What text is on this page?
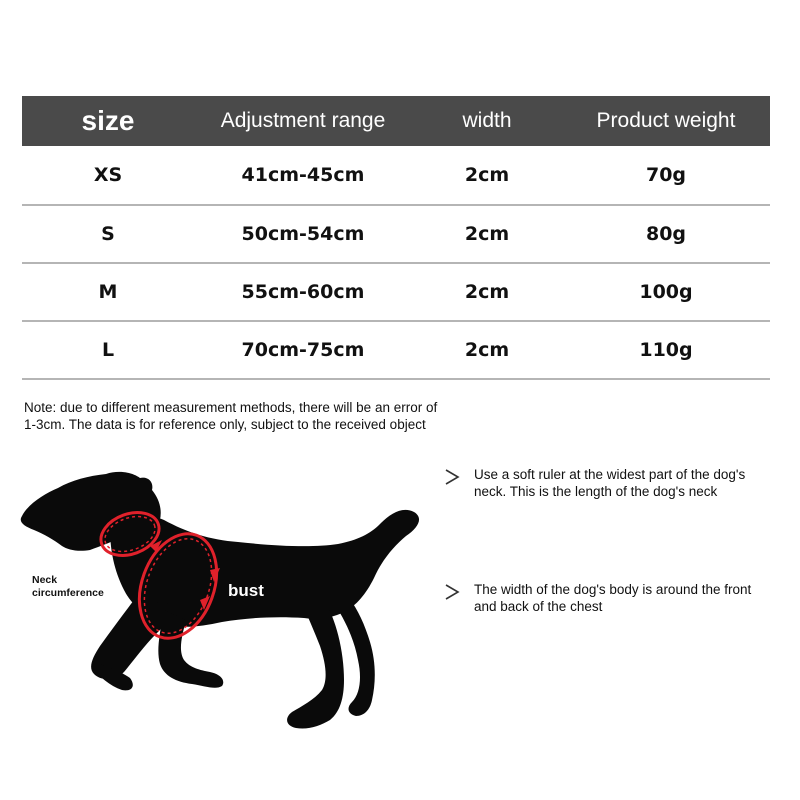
size	Adjustment range	width	Product weight
XS	41cm-45cm	2cm	70g
S	50cm-54cm	2cm	80g
M	55cm-60cm	2cm	100g
L	70cm-75cm	2cm	110g
Note: due to different measurement methods, there will be an error of
1-3cm. The data is for reference only, subject to the received object
Neck
circumference	bust
Use a soft ruler at the widest part of the dog's
neck. This is the length of the dog's neck
The width of the dog's body is around the front
and back of the chest
